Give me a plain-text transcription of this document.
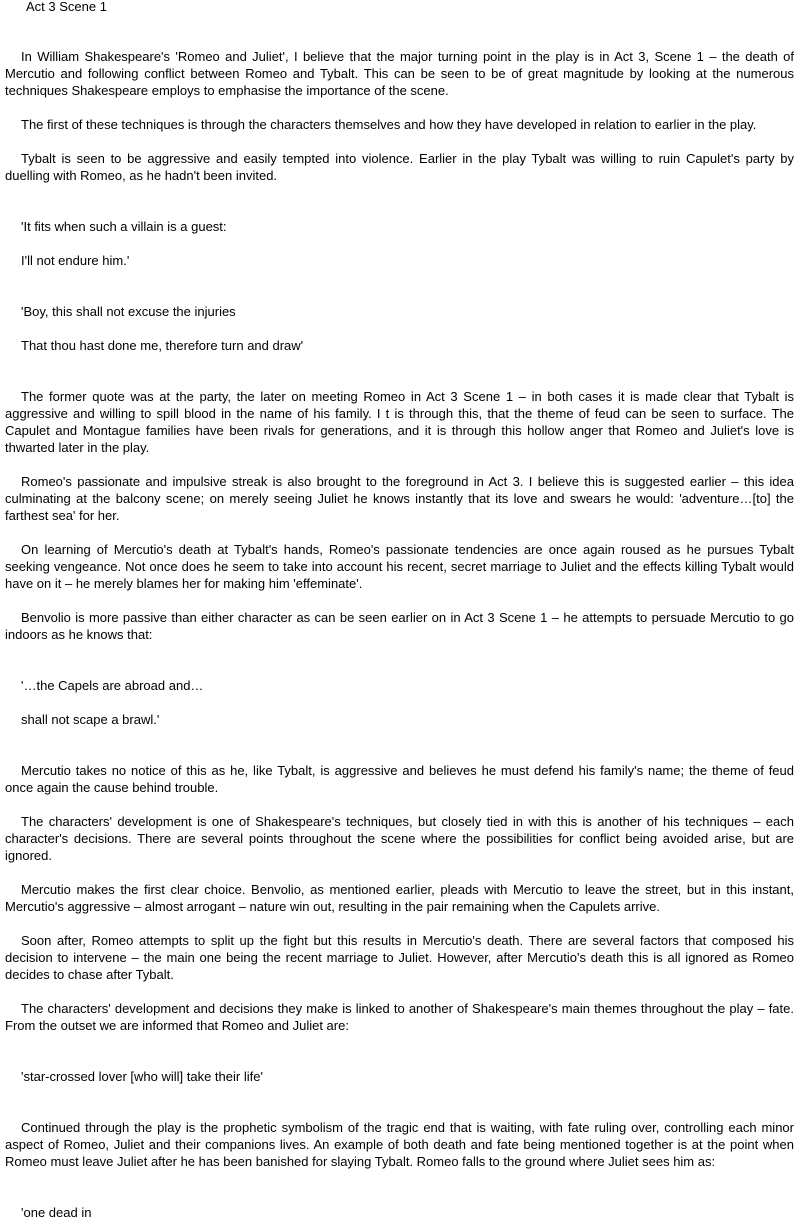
Act 3 Scene 1

In William Shakespeare's 'Romeo and Juliet', I believe that the major turning point in the play is in Act 3, Scene 1 – the death of Mercutio and following conflict between Romeo and Tybalt. This can be seen to be of great magnitude by looking at the numerous techniques Shakespeare employs to emphasise the importance of the scene.

The first of these techniques is through the characters themselves and how they have developed in relation to earlier in the play.

Tybalt is seen to be aggressive and easily tempted into violence. Earlier in the play Tybalt was willing to ruin Capulet's party by duelling with Romeo, as he hadn't been invited.

'It fits when such a villain is a guest:
I'll not endure him.'
'Boy, this shall not excuse the injuries
That thou hast done me, therefore turn and draw'

The former quote was at the party, the later on meeting Romeo in Act 3 Scene 1 – in both cases it is made clear that Tybalt is aggressive and willing to spill blood in the name of his family. I t is through this, that the theme of feud can be seen to surface. The Capulet and Montague families have been rivals for generations, and it is through this hollow anger that Romeo and Juliet's love is thwarted later in the play.

Romeo's passionate and impulsive streak is also brought to the foreground in Act 3. I believe this is suggested earlier – this idea culminating at the balcony scene; on merely seeing Juliet he knows instantly that its love and swears he would: 'adventure…[to] the farthest sea' for her.

On learning of Mercutio's death at Tybalt's hands, Romeo's passionate tendencies are once again roused as he pursues Tybalt seeking vengeance. Not once does he seem to take into account his recent, secret marriage to Juliet and the effects killing Tybalt would have on it – he merely blames her for making him 'effeminate'.

Benvolio is more passive than either character as can be seen earlier on in Act 3 Scene 1 – he attempts to persuade Mercutio to go indoors as he knows that:

'…the Capels are abroad and…
shall not scape a brawl.'

Mercutio takes no notice of this as he, like Tybalt, is aggressive and believes he must defend his family's name; the theme of feud once again the cause behind trouble.

The characters' development is one of Shakespeare's techniques, but closely tied in with this is another of his techniques – each character's decisions. There are several points throughout the scene where the possibilities for conflict being avoided arise, but are ignored.

Mercutio makes the first clear choice. Benvolio, as mentioned earlier, pleads with Mercutio to leave the street, but in this instant, Mercutio's aggressive – almost arrogant – nature win out, resulting in the pair remaining when the Capulets arrive.

Soon after, Romeo attempts to split up the fight but this results in Mercutio's death. There are several factors that composed his decision to intervene – the main one being the recent marriage to Juliet. However, after Mercutio's death this is all ignored as Romeo decides to chase after Tybalt.

The characters' development and decisions they make is linked to another of Shakespeare's main themes throughout the play – fate. From the outset we are informed that Romeo and Juliet are:

'star-crossed lover [who will] take their life'

Continued through the play is the prophetic symbolism of the tragic end that is waiting, with fate ruling over, controlling each minor aspect of Romeo, Juliet and their companions lives. An example of both death and fate being mentioned together is at the point when Romeo must leave Juliet after he has been banished for slaying Tybalt. Romeo falls to the ground where Juliet sees him as:

'one dead in
